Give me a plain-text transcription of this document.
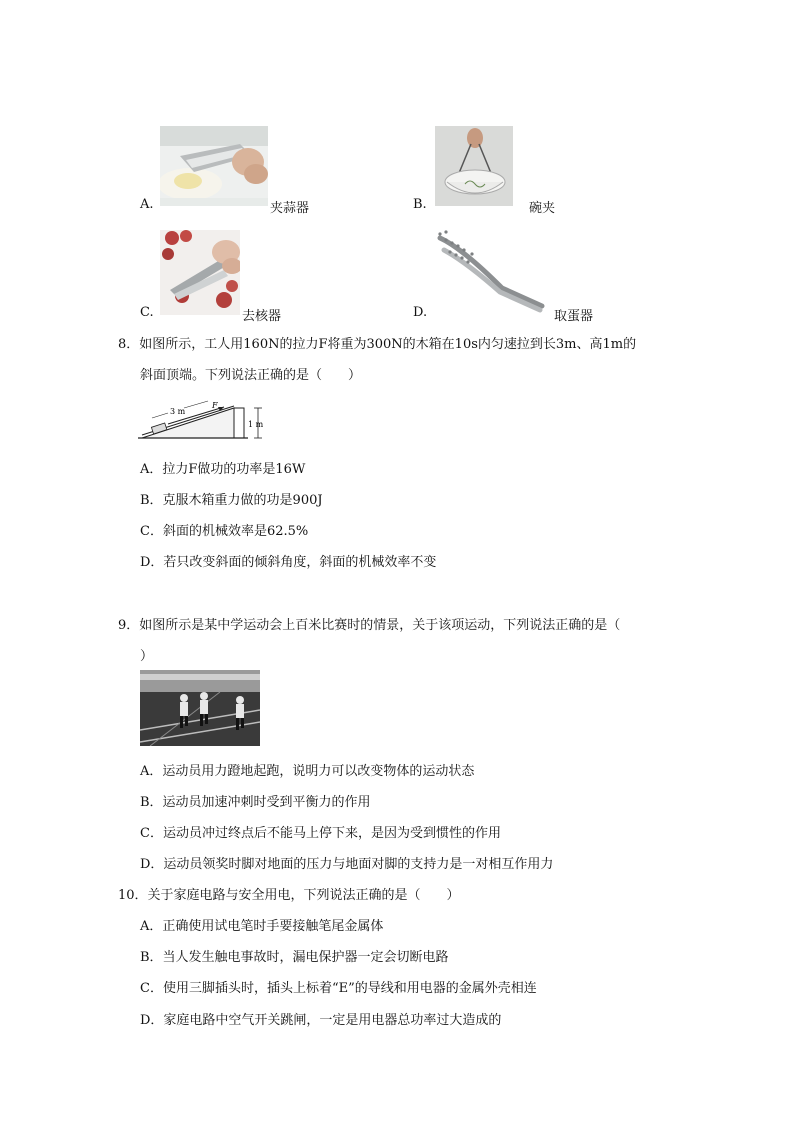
A.	夹蒜器	B.	碗夹
C.	去核器	D.	取蛋器
8．如图所示，工人用160N的拉力F将重为300N的木箱在10s内匀速拉到长3m、高1m的
斜面顶端。下列说法正确的是（　　）
3 m
F
1 m
A．拉力F做功的功率是16W
B．克服木箱重力做的功是900J
C．斜面的机械效率是62.5%
D．若只改变斜面的倾斜角度，斜面的机械效率不变
9．如图所示是某中学运动会上百米比赛时的情景，关于该项运动，下列说法正确的是（
）
A．运动员用力蹬地起跑，说明力可以改变物体的运动状态
B．运动员加速冲刺时受到平衡力的作用
C．运动员冲过终点后不能马上停下来，是因为受到惯性的作用
D．运动员领奖时脚对地面的压力与地面对脚的支持力是一对相互作用力
10．关于家庭电路与安全用电，下列说法正确的是（　　）
A．正确使用试电笔时手要接触笔尾金属体
B．当人发生触电事故时，漏电保护器一定会切断电路
C．使用三脚插头时，插头上标着“E”的导线和用电器的金属外壳相连
D．家庭电路中空气开关跳闸，一定是用电器总功率过大造成的
